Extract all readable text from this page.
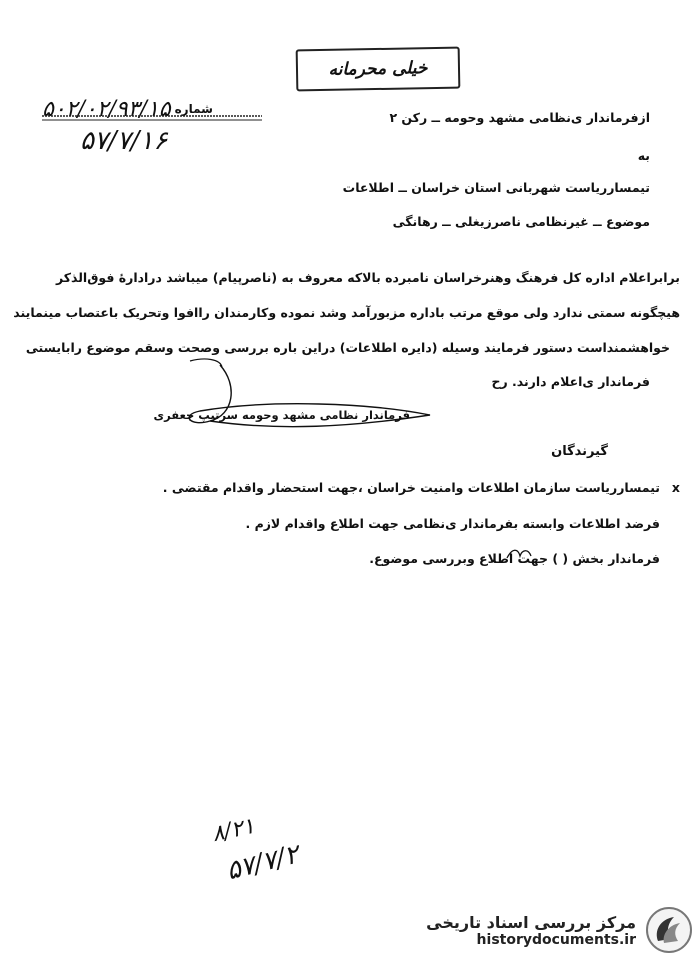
خیلی محرمانه
۵۰۲/۰۲/۹۳/۱۵ شماره
۵۷/۷/۱۶
ازفرماندار ی‌نظامی مشهد وحومه ــ رکن ۲
به
تیمسارریاست شهربانی استان خراسان ــ اطلاعات
موضوع ــ غیرنظامی ناصرزیغلی ــ رهانگی
برابراعلام اداره کل فرهنگ وهنرخراسان نامبرده بالاکه معروف به (ناصرپیام) میباشد درادارهٔ فوق‌الذکر
هیچگونه سمتی ندارد ولی موقع مرتب باداره مزبورآمد وشد نموده وکارمندان راافوا وتحریک باعتصاب مینمایند
خواهشمنداست دستور فرمایند وسیله (دایره اطلاعات) دراین باره بررسی وصحت وسقم موضوع رابایستی
فرماندار ی‌اعلام دارند. رح
فرماندار نظامی مشهد وحومه سرتیپ جعفری
گیرندگان
x
تیمساررياست سازمان اطلاعات وامنيت خراسان ،جهت استحضار واقدام مقتضی .
فرضد اطلاعات وابسته بفرماندار ی‌نظامی جهت اطلاع واقدام لازم .
فرماندار بخش ( ) جهت اطلاع وبررسی موضوع.
۸/۲۱
۵۷/۷/۲
مرکز بررسی اسناد تاریخی
historydocuments.ir
